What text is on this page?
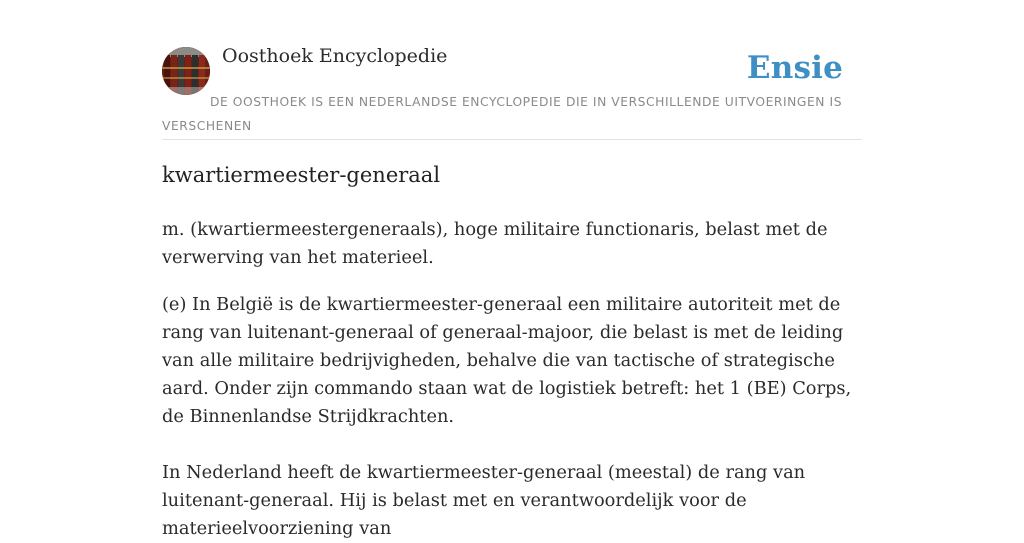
Oosthoek Encyclopedie	Ensie
DE OOSTHOEK IS EEN NEDERLANDSE ENCYCLOPEDIE DIE IN VERSCHILLENDE UITVOERINGEN IS VERSCHENEN
kwartiermeester-generaal

m. (kwartiermeestergeneraals), hoge militaire functionaris, belast met de verwerving van het materieel.

(e) In België is de kwartiermeester-generaal een militaire autoriteit met de rang van luitenant-generaal of generaal-majoor, die belast is met de leiding van alle militaire bedrijvigheden, behalve die van tactische of strategische aard. Onder zijn commando staan wat de logistiek betreft: het 1 (BE) Corps, de Binnenlandse Strijdkrachten.

In Nederland heeft de kwartiermeester-generaal (meestal) de rang van luitenant-generaal. Hij is belast met en verantwoordelijk voor de materieelvoorziening van
